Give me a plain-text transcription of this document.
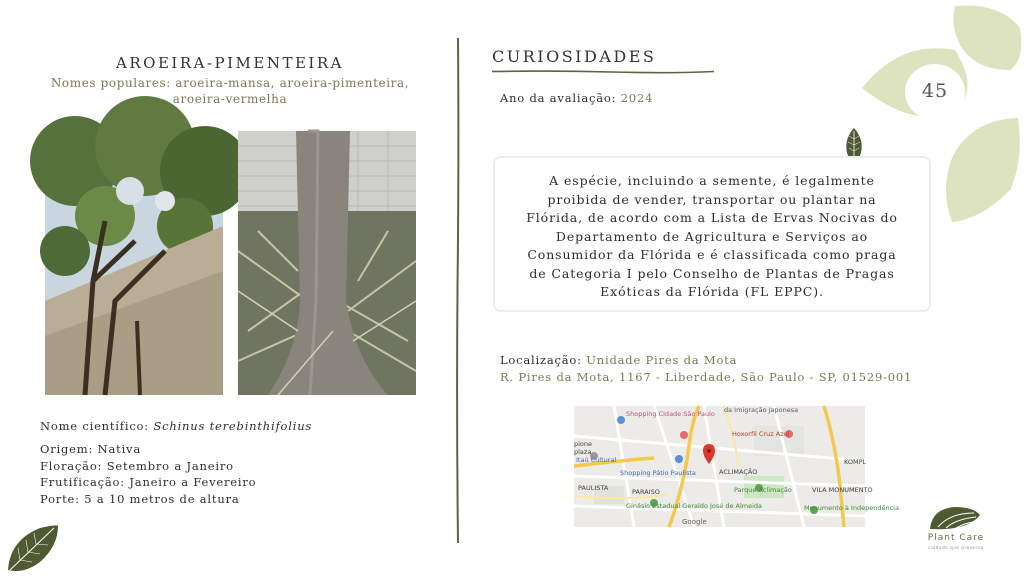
AROEIRA-PIMENTEIRA
Nomes populares: aroeira-mansa, aroeira-pimenteira,
aroeira-vermelha
Nome científico: Schinus terebinthifolius
Origem: Nativa
Floração: Setembro a Janeiro
Frutificação: Janeiro a Fevereiro
Porte: 5 a 10 metros de altura
CURIOSIDADES
Ano da avaliação: 2024
A espécie, incluindo a semente, é legalmente
proibida de vender, transportar ou plantar na
Flórida, de acordo com a Lista de Ervas Nocivas do
Departamento de Agricultura e Serviços ao
Consumidor da Flórida e é classificada como praga
de Categoria I pelo Conselho de Plantas de Pragas
Exóticas da Flórida (FL EPPC).
Localização: Unidade Pires da Mota
R. Pires da Mota, 1167 - Liberdade, São Paulo - SP, 01529-001
Shopping Cidade São Paulo da Imigração Japonesa
Hoxorfil Cruz Azul
Itaú Cultural
Shopping Pátio Paulista	ACLIMAÇÃO
PARAISO
PAULISTA	Parque Aclimação	VILA MONUMENTO
Ginásio Estadual Geraldo José de Almeida	Monumento à Independência
Google
KOMPL
pione
plaza
45
Plant Care
cuidado que preserva
